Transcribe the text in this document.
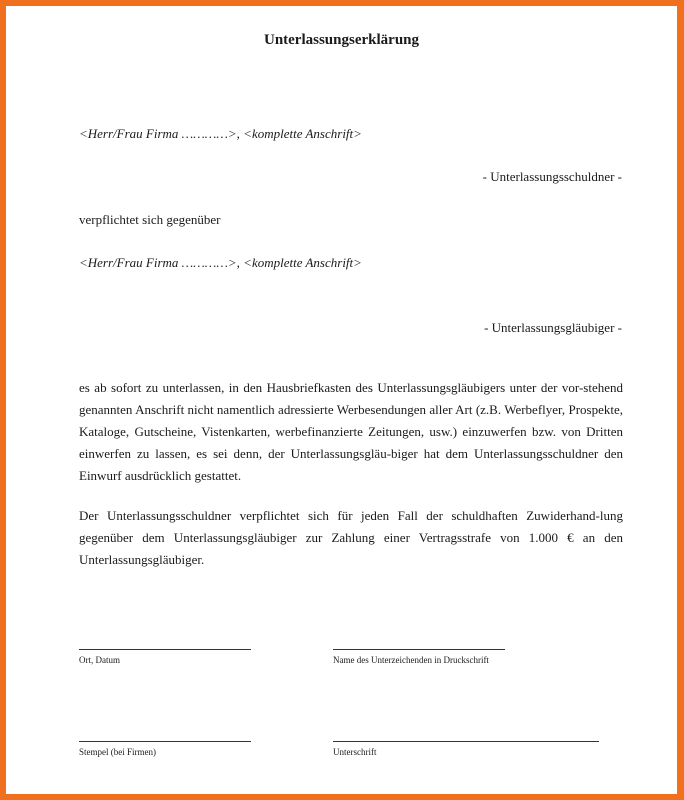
Unterlassungserklärung
<Herr/Frau Firma …………>, <komplette Anschrift>
- Unterlassungsschuldner -
verpflichtet sich gegenüber
<Herr/Frau Firma …………>, <komplette Anschrift>
- Unterlassungsgläubiger -
es ab sofort zu unterlassen, in den Hausbriefkasten des Unterlassungsgläubigers unter der vor-stehend genannten Anschrift nicht namentlich adressierte Werbesendungen aller Art (z.B. Werbeflyer, Prospekte, Kataloge, Gutscheine, Vistenkarten, werbefinanzierte Zeitungen, usw.) einzuwerfen bzw. von Dritten einwerfen zu lassen, es sei denn, der Unterlassungsgläu-biger hat dem Unterlassungsschuldner den Einwurf ausdrücklich gestattet.
Der Unterlassungsschuldner verpflichtet sich für jeden Fall der schuldhaften Zuwiderhand-lung gegenüber dem Unterlassungsgläubiger zur Zahlung einer Vertragsstrafe von 1.000 € an den Unterlassungsgläubiger.
Ort, Datum	Name des Unterzeichenden in Druckschrift
Stempel (bei Firmen)	Unterschrift
